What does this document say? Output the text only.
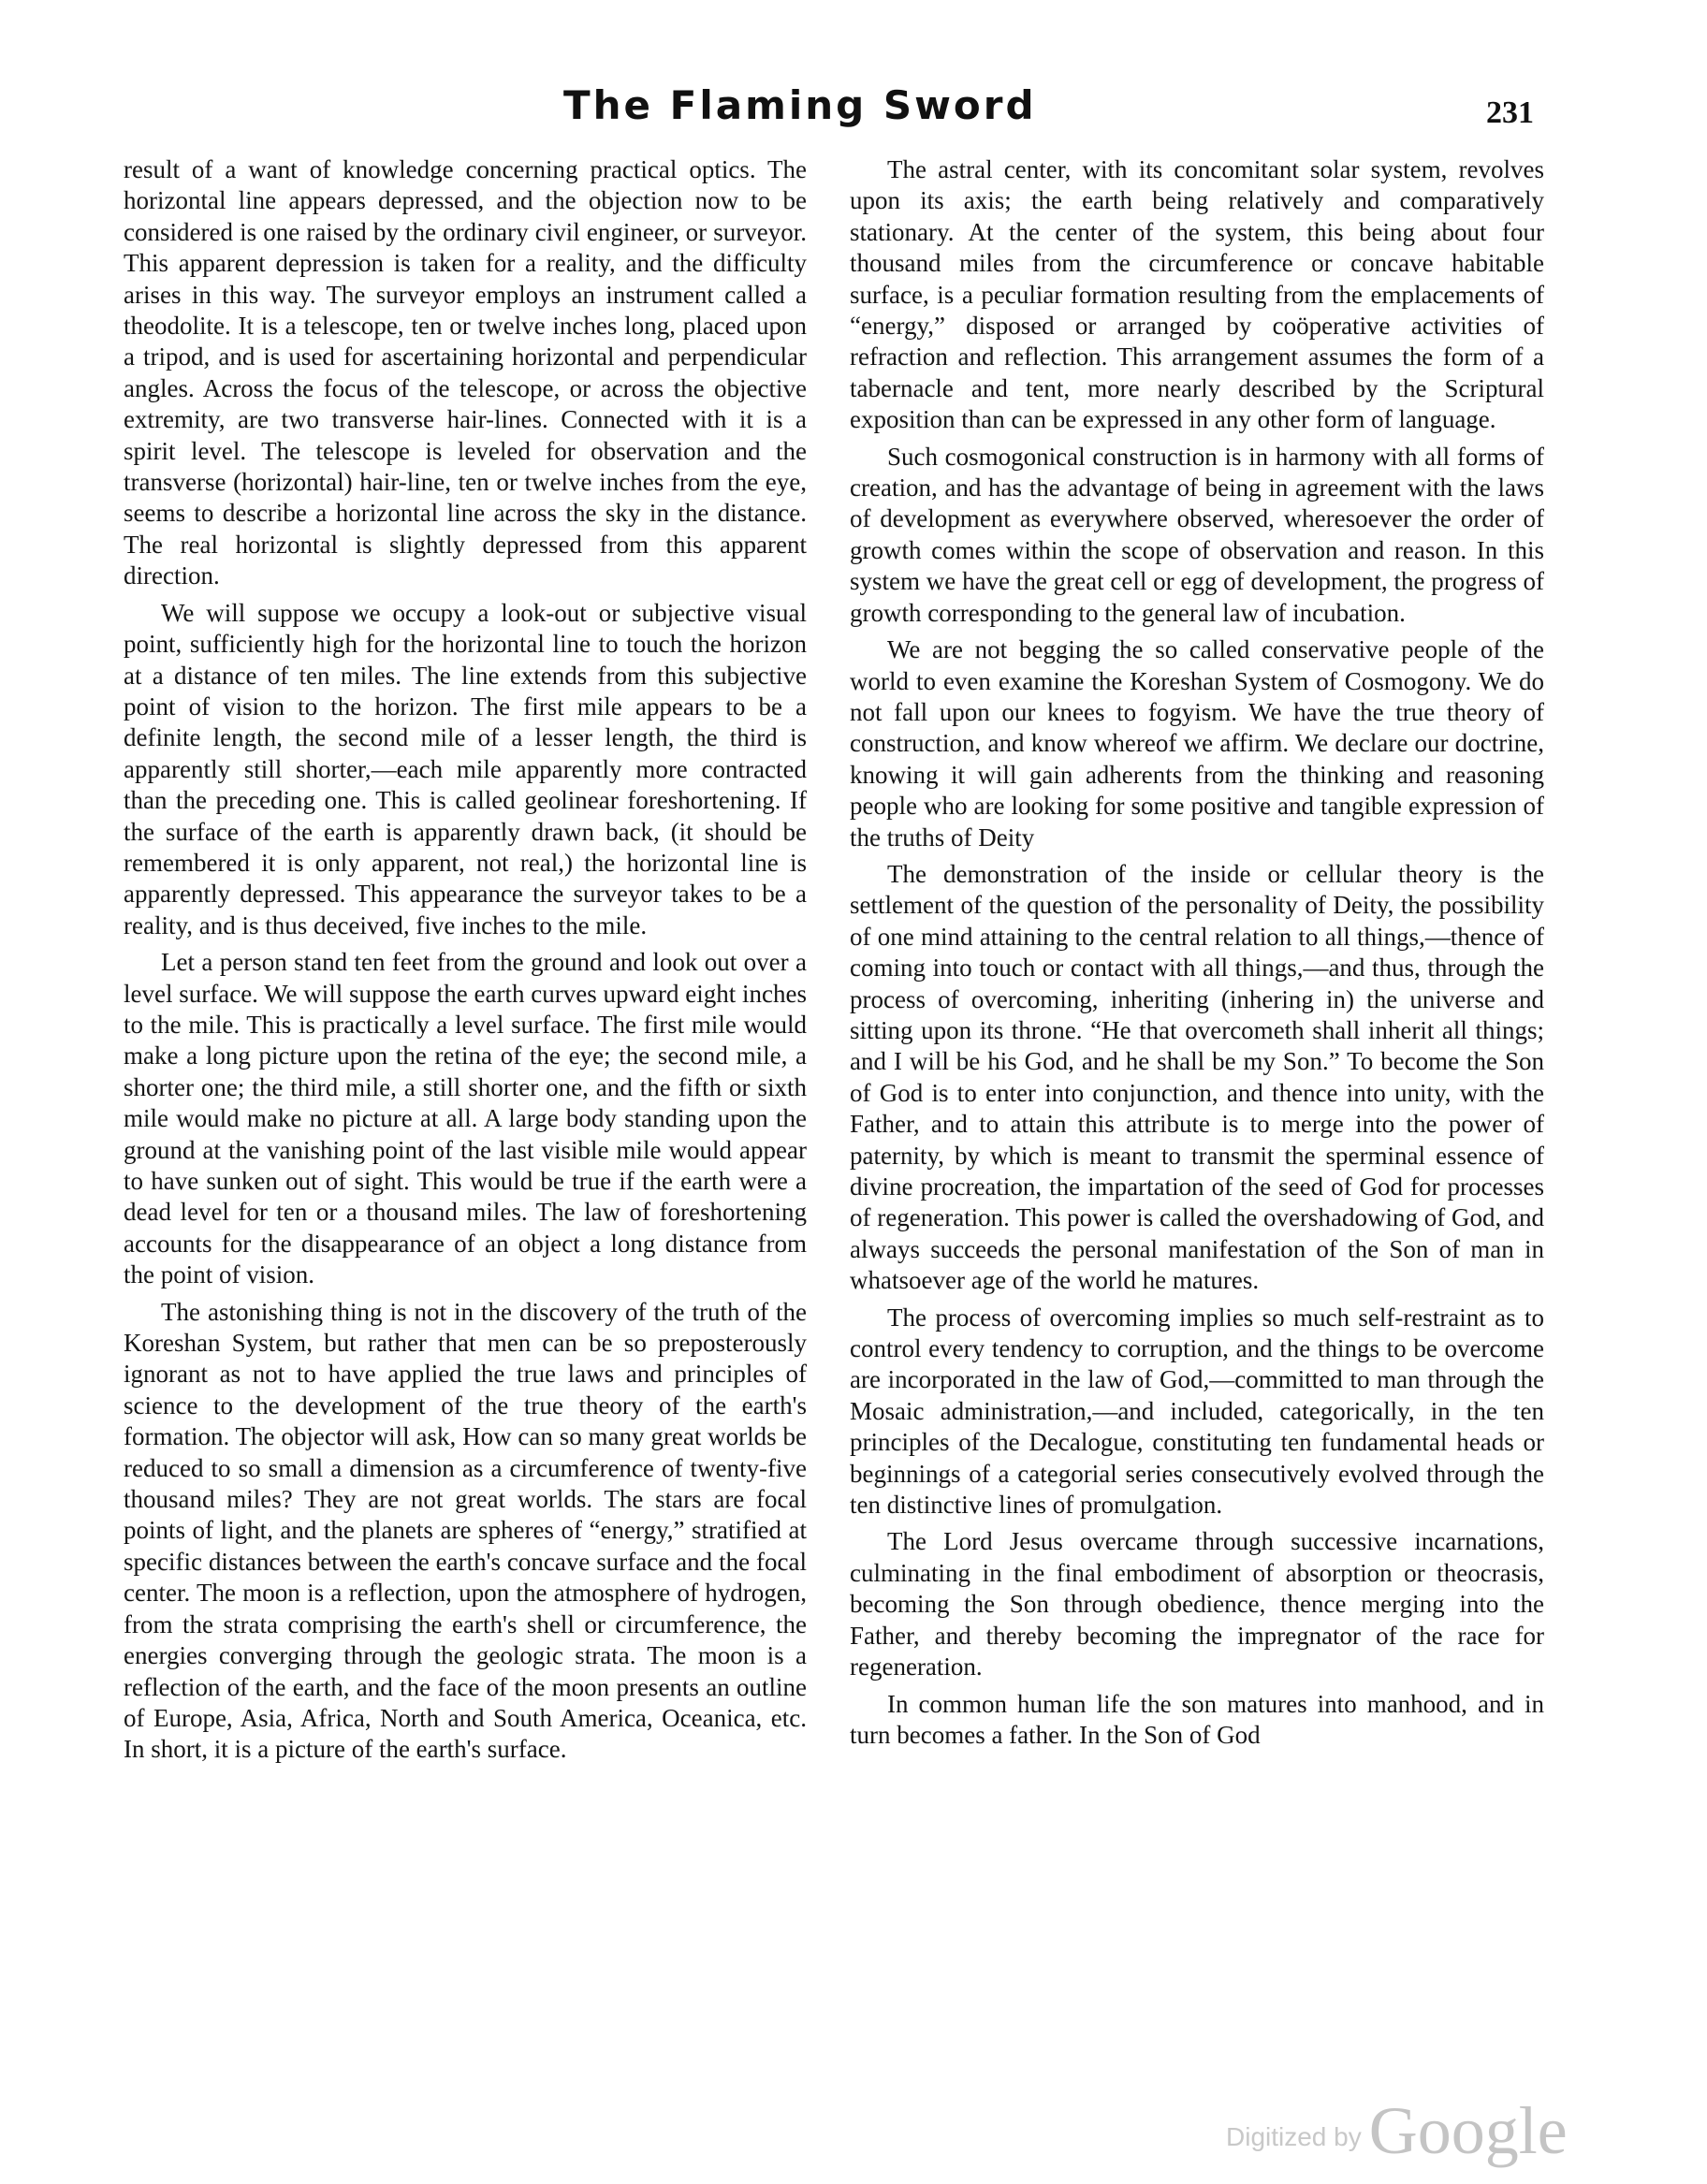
The Flaming Sword	231

result of a want of knowledge concerning practical optics. The horizontal line appears depressed, and the objection now to be considered is one raised by the ordinary civil engineer, or surveyor. This apparent depression is taken for a reality, and the difficulty arises in this way. The surveyor employs an instrument called a theodolite. It is a telescope, ten or twelve inches long, placed upon a tripod, and is used for ascertaining horizontal and perpendicular angles. Across the focus of the telescope, or across the objective extremity, are two transverse hair-lines. Connected with it is a spirit level. The telescope is leveled for observation and the transverse (horizontal) hair-line, ten or twelve inches from the eye, seems to describe a horizontal line across the sky in the distance. The real horizontal is slightly depressed from this apparent direction.

We will suppose we occupy a look-out or subjective visual point, sufficiently high for the horizontal line to touch the horizon at a distance of ten miles. The line extends from this subjective point of vision to the horizon. The first mile appears to be a definite length, the second mile of a lesser length, the third is apparently still shorter,—each mile apparently more contracted than the preceding one. This is called geolinear foreshortening. If the surface of the earth is apparently drawn back, (it should be remembered it is only apparent, not real,) the horizontal line is apparently depressed. This appearance the surveyor takes to be a reality, and is thus deceived, five inches to the mile.

Let a person stand ten feet from the ground and look out over a level surface. We will suppose the earth curves upward eight inches to the mile. This is practically a level surface. The first mile would make a long picture upon the retina of the eye; the second mile, a shorter one; the third mile, a still shorter one, and the fifth or sixth mile would make no picture at all. A large body standing upon the ground at the vanishing point of the last visible mile would appear to have sunken out of sight. This would be true if the earth were a dead level for ten or a thousand miles. The law of foreshortening accounts for the disappearance of an object a long distance from the point of vision.

The astonishing thing is not in the discovery of the truth of the Koreshan System, but rather that men can be so preposterously ignorant as not to have applied the true laws and principles of science to the development of the true theory of the earth's formation. The objector will ask, How can so many great worlds be reduced to so small a dimension as a circumference of twenty-five thousand miles? They are not great worlds. The stars are focal points of light, and the planets are spheres of “energy,” stratified at specific distances between the earth's concave surface and the focal center. The moon is a reflection, upon the atmosphere of hydrogen, from the strata comprising the earth's shell or circumference, the energies converging through the geologic strata. The moon is a reflection of the earth, and the face of the moon presents an outline of Europe, Asia, Africa, North and South America, Oceanica, etc. In short, it is a picture of the earth's surface.

The astral center, with its concomitant solar system, revolves upon its axis; the earth being relatively and comparatively stationary. At the center of the system, this being about four thousand miles from the circumference or concave habitable surface, is a peculiar formation resulting from the emplacements of “energy,” disposed or arranged by coöperative activities of refraction and reflection. This arrangement assumes the form of a tabernacle and tent, more nearly described by the Scriptural exposition than can be expressed in any other form of language.

Such cosmogonical construction is in harmony with all forms of creation, and has the advantage of being in agreement with the laws of development as everywhere observed, wheresoever the order of growth comes within the scope of observation and reason. In this system we have the great cell or egg of development, the progress of growth corresponding to the general law of incubation.

We are not begging the so called conservative people of the world to even examine the Koreshan System of Cosmogony. We do not fall upon our knees to fogyism. We have the true theory of construction, and know whereof we affirm. We declare our doctrine, knowing it will gain adherents from the thinking and reasoning people who are looking for some positive and tangible expression of the truths of Deity

The demonstration of the inside or cellular theory is the settlement of the question of the personality of Deity, the possibility of one mind attaining to the central relation to all things,—thence of coming into touch or contact with all things,—and thus, through the process of overcoming, inheriting (inhering in) the universe and sitting upon its throne. “He that overcometh shall inherit all things; and I will be his God, and he shall be my Son.” To become the Son of God is to enter into conjunction, and thence into unity, with the Father, and to attain this attribute is to merge into the power of paternity, by which is meant to transmit the sperminal essence of divine procreation, the impartation of the seed of God for processes of regeneration. This power is called the overshadowing of God, and always succeeds the personal manifestation of the Son of man in whatsoever age of the world he matures.

The process of overcoming implies so much self-restraint as to control every tendency to corruption, and the things to be overcome are incorporated in the law of God,—committed to man through the Mosaic administration,—and included, categorically, in the ten principles of the Decalogue, constituting ten fundamental heads or beginnings of a categorial series consecutively evolved through the ten distinctive lines of promulgation.

The Lord Jesus overcame through successive incarnations, culminating in the final embodiment of absorption or theocrasis, becoming the Son through obedience, thence merging into the Father, and thereby becoming the impregnator of the race for regeneration.

In common human life the son matures into manhood, and in turn becomes a father. In the Son of God

Digitized by Google
